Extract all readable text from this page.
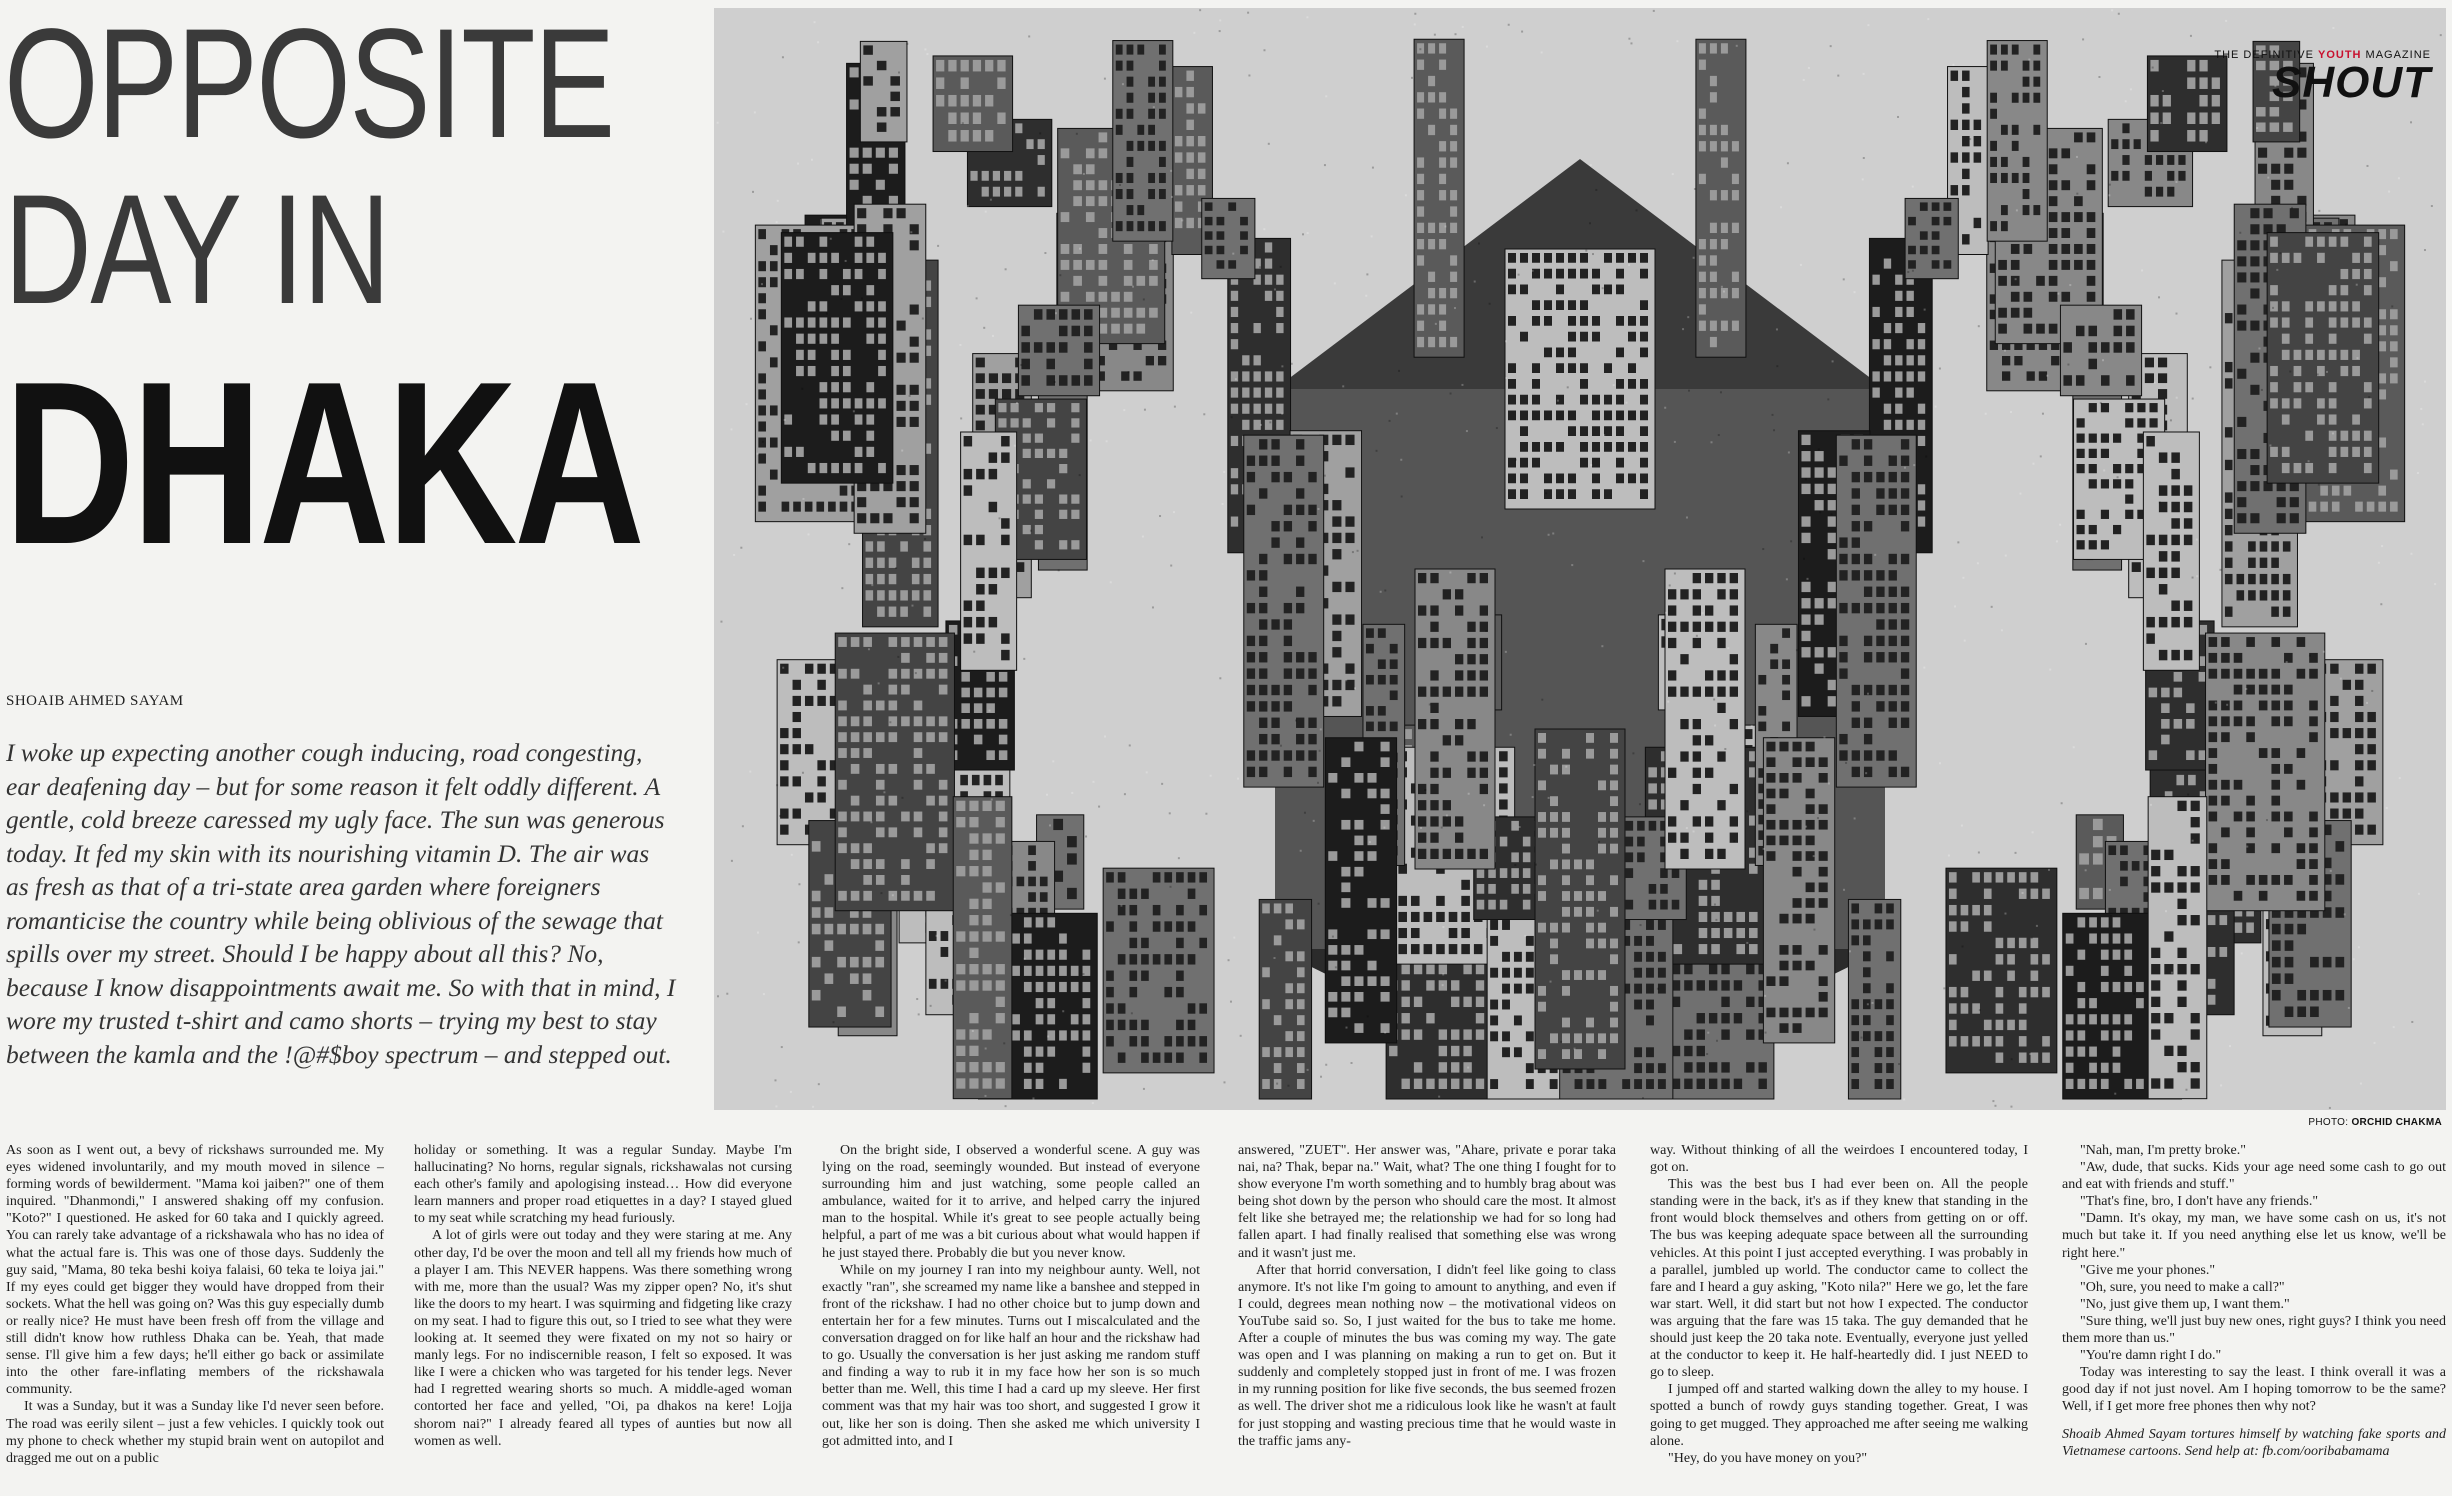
OPPOSITE
DAY IN
DHAKA
SHOAIB AHMED SAYAM
I woke up expecting another cough inducing, road congesting, ear deafening day – but for some reason it felt oddly different. A gentle, cold breeze caressed my ugly face. The sun was generous today. It fed my skin with its nourishing vitamin D. The air was as fresh as that of a tri-state area garden where foreigners romanticise the country while being oblivious of the sewage that spills over my street. Should I be happy about all this? No, because I know disappointments await me. So with that in mind, I wore my trusted t-shirt and camo shorts – trying my best to stay between the kamla and the !@#$boy spectrum – and stepped out.
THE DEFINITIVE YOUTH MAGAZINE
SHOUT
PHOTO: ORCHID CHAKMA

As soon as I went out, a bevy of rickshaws surrounded me. My eyes widened involuntarily, and my mouth moved in silence – forming words of bewilderment. "Mama koi jaiben?" one of them inquired. "Dhanmondi," I answered shaking off my confusion. "Koto?" I questioned. He asked for 60 taka and I quickly agreed. You can rarely take advantage of a rickshawala who has no idea of what the actual fare is. This was one of those days. Suddenly the guy said, "Mama, 80 teka beshi koiya falaisi, 60 teka te loiya jai." If my eyes could get bigger they would have dropped from their sockets. What the hell was going on? Was this guy especially dumb or really nice? He must have been fresh off from the village and still didn't know how ruthless Dhaka can be. Yeah, that made sense. I'll give him a few days; he'll either go back or assimilate into the other fare-inflating members of the rickshawala community.

It was a Sunday, but it was a Sunday like I'd never seen before. The road was eerily silent – just a few vehicles. I quickly took out my phone to check whether my stupid brain went on autopilot and dragged me out on a public

holiday or something. It was a regular Sunday. Maybe I'm hallucinating? No horns, regular signals, rickshawalas not cursing each other's family and apologising instead… How did everyone learn manners and proper road etiquettes in a day? I stayed glued to my seat while scratching my head furiously.

A lot of girls were out today and they were staring at me. Any other day, I'd be over the moon and tell all my friends how much of a player I am. This NEVER happens. Was there something wrong with me, more than the usual? Was my zipper open? No, it's shut like the doors to my heart. I was squirming and fidgeting like crazy on my seat. I had to figure this out, so I tried to see what they were looking at. It seemed they were fixated on my not so hairy or manly legs. For no indiscernible reason, I felt so exposed. It was like I were a chicken who was targeted for his tender legs. Never had I regretted wearing shorts so much. A middle-aged woman contorted her face and yelled, "Oi, pa dhakos na kere! Lojja shorom nai?" I already feared all types of aunties but now all women as well.

On the bright side, I observed a wonderful scene. A guy was lying on the road, seemingly wounded. But instead of everyone surrounding him and just watching, some people called an ambulance, waited for it to arrive, and helped carry the injured man to the hospital. While it's great to see people actually being helpful, a part of me was a bit curious about what would happen if he just stayed there. Probably die but you never know.

While on my journey I ran into my neighbour aunty. Well, not exactly "ran", she screamed my name like a banshee and stepped in front of the rickshaw. I had no other choice but to jump down and entertain her for a few minutes. Turns out I miscalculated and the conversation dragged on for like half an hour and the rickshaw had to go. Usually the conversation is her just asking me random stuff and finding a way to rub it in my face how her son is so much better than me. Well, this time I had a card up my sleeve. Her first comment was that my hair was too short, and suggested I grow it out, like her son is doing. Then she asked me which university I got admitted into, and I

answered, "ZUET". Her answer was, "Ahare, private e porar taka nai, na? Thak, bepar na." Wait, what? The one thing I fought for to show everyone I'm worth something and to humbly brag about was being shot down by the person who should care the most. It almost felt like she betrayed me; the relationship we had for so long had fallen apart. I had finally realised that something else was wrong and it wasn't just me.

After that horrid conversation, I didn't feel like going to class anymore. It's not like I'm going to amount to anything, and even if I could, degrees mean nothing now – the motivational videos on YouTube said so. So, I just waited for the bus to take me home. After a couple of minutes the bus was coming my way. The gate was open and I was planning on making a run to get on. But it suddenly and completely stopped just in front of me. I was frozen in my running position for like five seconds, the bus seemed frozen as well. The driver shot me a ridiculous look like he wasn't at fault for just stopping and wasting precious time that he would waste in the traffic jams any-

way. Without thinking of all the weirdoes I encountered today, I got on.

This was the best bus I had ever been on. All the people standing were in the back, it's as if they knew that standing in the front would block themselves and others from getting on or off. The bus was keeping adequate space between all the surrounding vehicles. At this point I just accepted everything. I was probably in a parallel, jumbled up world. The conductor came to collect the fare and I heard a guy asking, "Koto nila?" Here we go, let the fare war start. Well, it did start but not how I expected. The conductor was arguing that the fare was 15 taka. The guy demanded that he should just keep the 20 taka note. Eventually, everyone just yelled at the conductor to keep it. He half-heartedly did. I just NEED to go to sleep.

I jumped off and started walking down the alley to my house. I spotted a bunch of rowdy guys standing together. Great, I was going to get mugged. They approached me after seeing me walking alone.

"Hey, do you have money on you?"

"Nah, man, I'm pretty broke."

"Aw, dude, that sucks. Kids your age need some cash to go out and eat with friends and stuff."

"That's fine, bro, I don't have any friends."

"Damn. It's okay, my man, we have some cash on us, it's not much but take it. If you need anything else let us know, we'll be right here."

"Give me your phones."

"Oh, sure, you need to make a call?"

"No, just give them up, I want them."

"Sure thing, we'll just buy new ones, right guys? I think you need them more than us."

"You're damn right I do."

Today was interesting to say the least. I think overall it was a good day if not just novel. Am I hoping tomorrow to be the same? Well, if I get more free phones then why not?

Shoaib Ahmed Sayam tortures himself by watching fake sports and Vietnamese cartoons. Send help at: fb.com/ooribabamama
